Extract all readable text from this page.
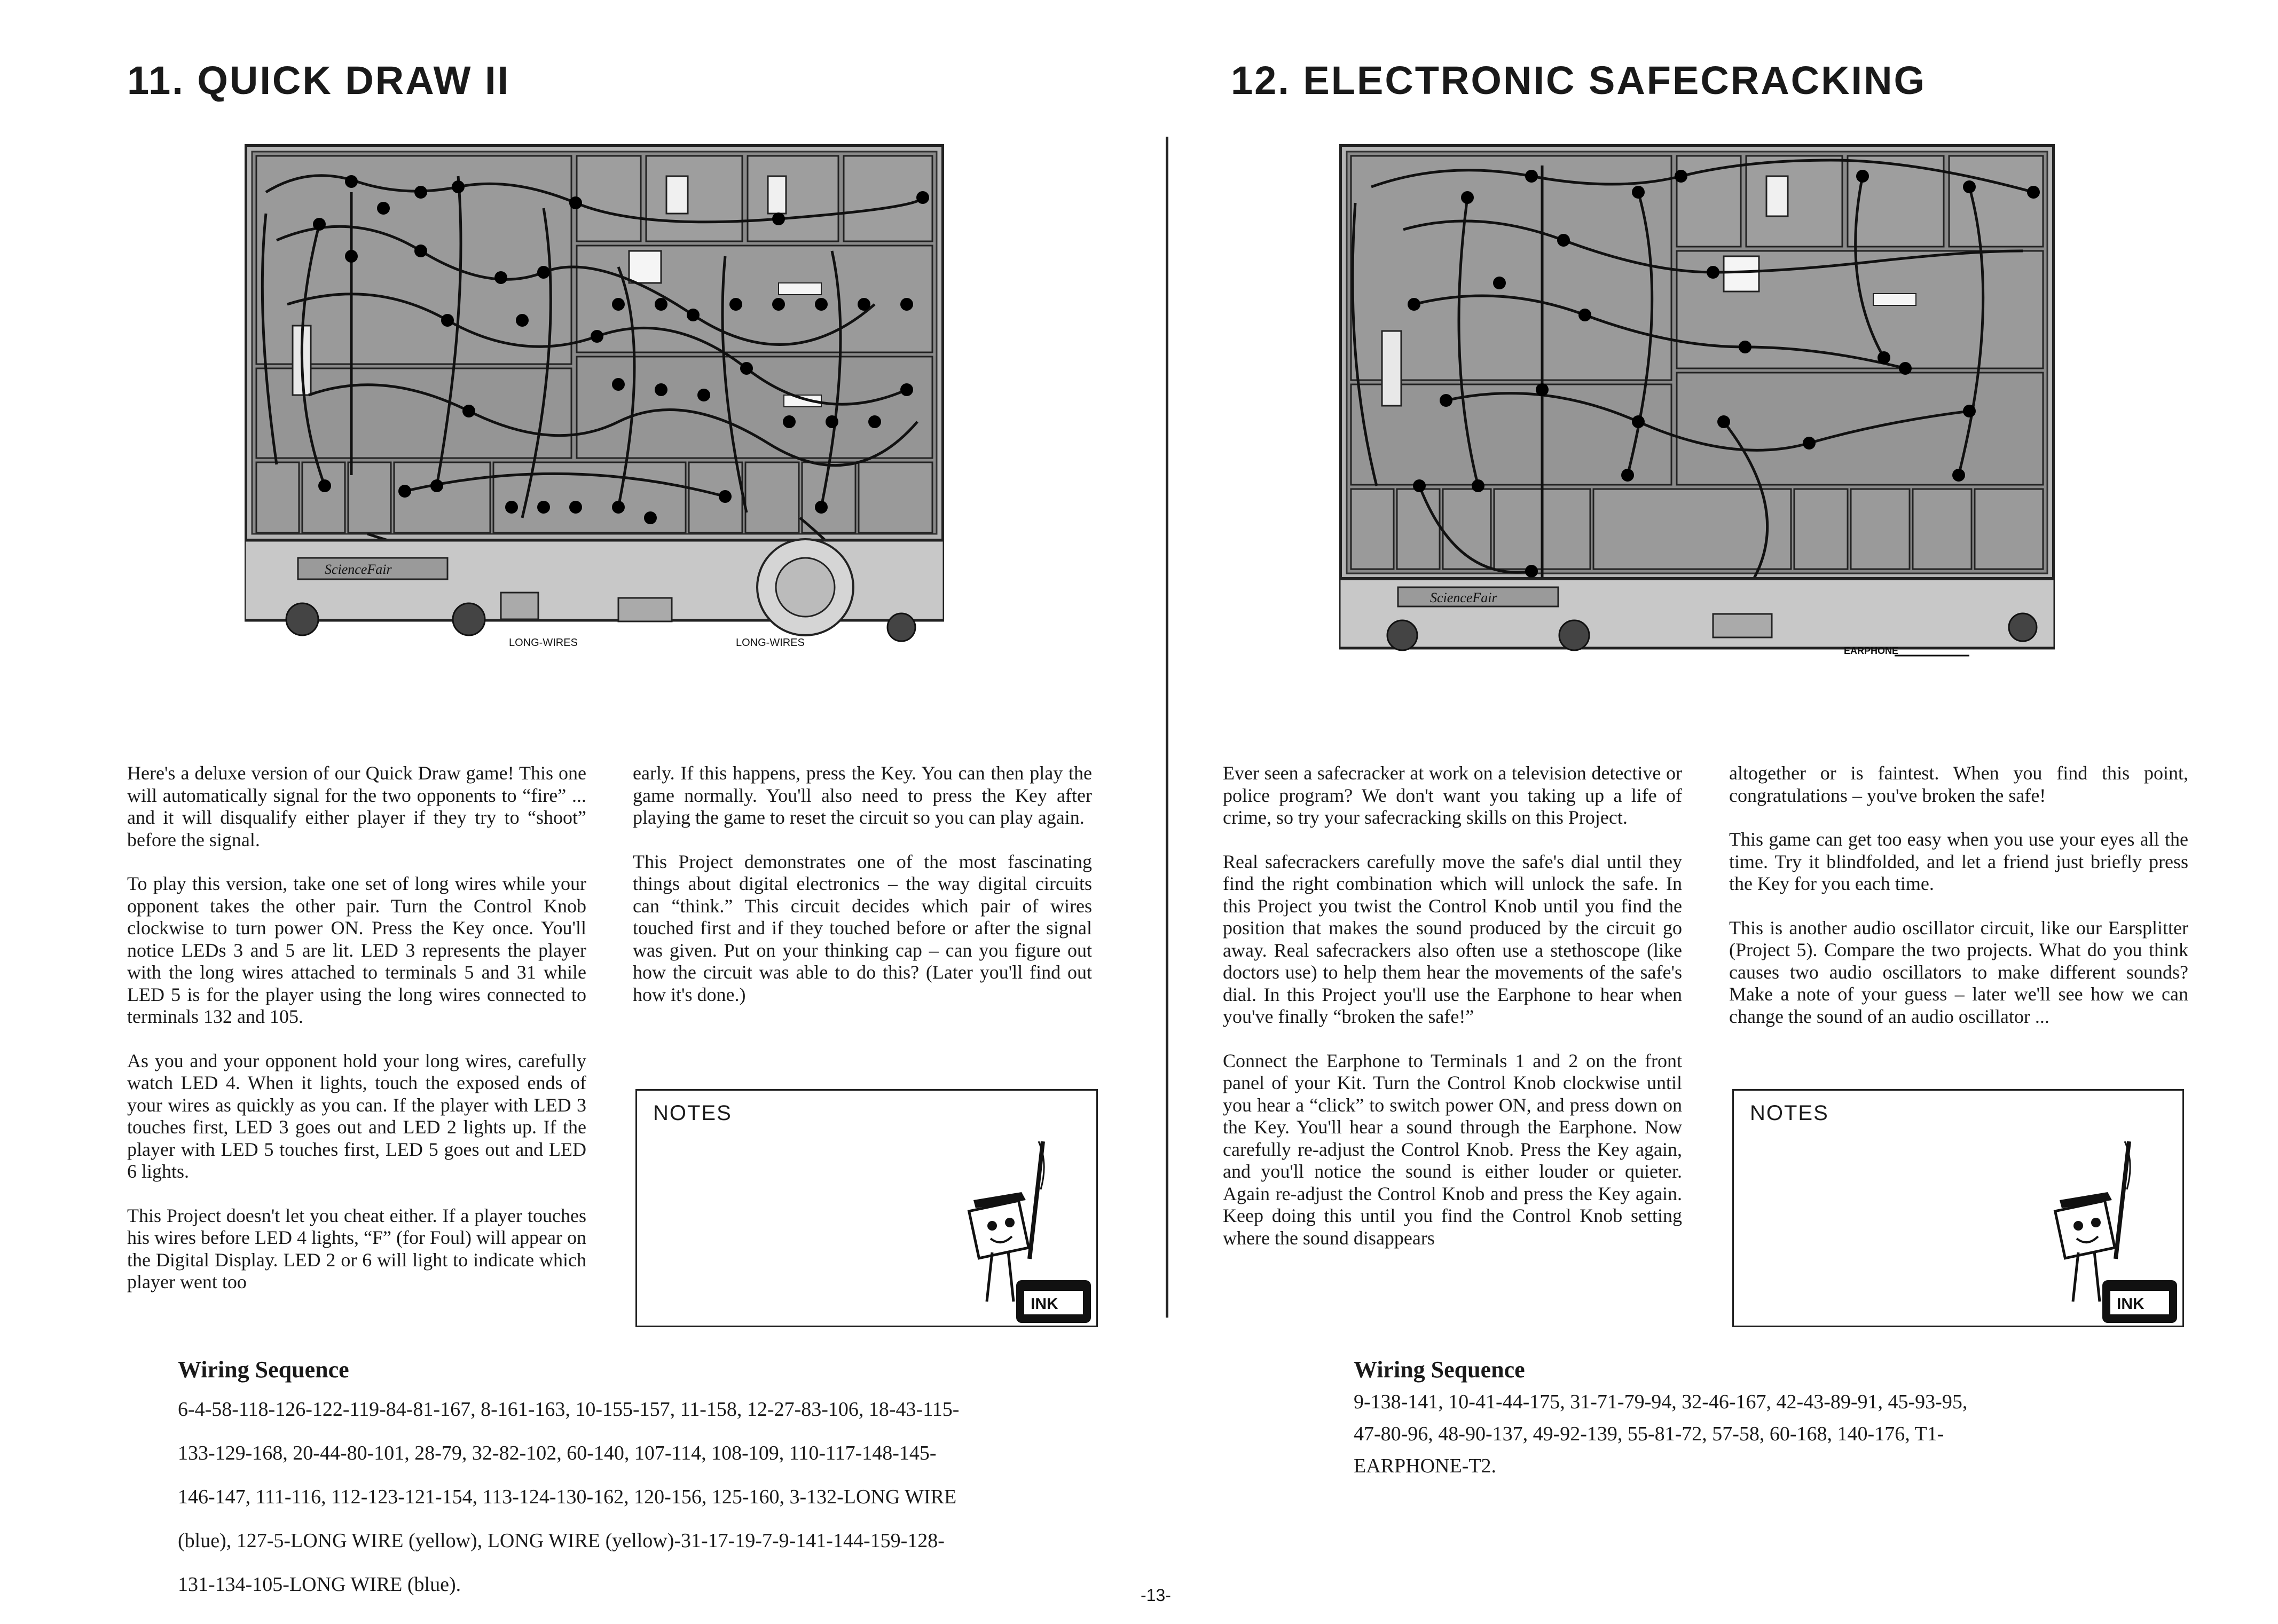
11. QUICK DRAW II
ScienceFair
LONG-WIRES	LONG-WIRES

Here's a deluxe version of our Quick Draw game! This one will automatically signal for the two opponents to “fire” ... and it will disqualify either player if they try to “shoot” before the signal.

To play this version, take one set of long wires while your opponent takes the other pair. Turn the Control Knob clockwise to turn power ON. Press the Key once. You'll notice LEDs 3 and 5 are lit. LED 3 represents the player with the long wires attached to terminals 5 and 31 while LED 5 is for the player using the long wires connected to terminals 132 and 105.

As you and your opponent hold your long wires, carefully watch LED 4. When it lights, touch the exposed ends of your wires as quickly as you can. If the player with LED 3 touches first, LED 3 goes out and LED 2 lights up. If the player with LED 5 touches first, LED 5 goes out and LED 6 lights.

This Project doesn't let you cheat either. If a player touches his wires before LED 4 lights, “F” (for Foul) will appear on the Digital Display. LED 2 or 6 will light to indicate which player went too

early. If this happens, press the Key. You can then play the game normally. You'll also need to press the Key after playing the game to reset the circuit so you can play again.

This Project demonstrates one of the most fascinating things about digital electronics – the way digital circuits can “think.” This circuit decides which pair of wires touched first and if they touched before or after the signal was given. Put on your thinking cap – can you figure out how the circuit was able to do this? (Later you'll find out how it's done.)

NOTES
INK
Wiring Sequence
6-4-58-118-126-122-119-84-81-167, 8-161-163, 10-155-157, 11-158, 12-27-83-106, 18-43-115-
133-129-168, 20-44-80-101, 28-79, 32-82-102, 60-140, 107-114, 108-109, 110-117-148-145-
146-147, 111-116, 112-123-121-154, 113-124-130-162, 120-156, 125-160, 3-132-LONG WIRE
(blue), 127-5-LONG WIRE (yellow), LONG WIRE (yellow)-31-17-19-7-9-141-144-159-128-
131-134-105-LONG WIRE (blue).
12. ELECTRONIC SAFECRACKING
ScienceFair
EARPHONE

Ever seen a safecracker at work on a television detective or police program? We don't want you taking up a life of crime, so try your safecracking skills on this Project.

Real safecrackers carefully move the safe's dial until they find the right combination which will unlock the safe. In this Project you twist the Control Knob until you find the position that makes the sound produced by the circuit go away. Real safecrackers also often use a stethoscope (like doctors use) to help them hear the movements of the safe's dial. In this Project you'll use the Earphone to hear when you've finally “broken the safe!”

Connect the Earphone to Terminals 1 and 2 on the front panel of your Kit. Turn the Control Knob clockwise until you hear a “click” to switch power ON, and press down on the Key. You'll hear a sound through the Earphone. Now carefully re-adjust the Control Knob. Press the Key again, and you'll notice the sound is either louder or quieter. Again re-adjust the Control Knob and press the Key again. Keep doing this until you find the Control Knob setting where the sound disappears

altogether or is faintest. When you find this point, congratulations – you've broken the safe!

This game can get too easy when you use your eyes all the time. Try it blindfolded, and let a friend just briefly press the Key for you each time.

This is another audio oscillator circuit, like our Earsplitter (Project 5). Compare the two projects. What do you think causes two audio oscillators to make different sounds? Make a note of your guess – later we'll see how we can change the sound of an audio oscillator ...

NOTES
INK
Wiring Sequence
9-138-141, 10-41-44-175, 31-71-79-94, 32-46-167, 42-43-89-91, 45-93-95,
47-80-96, 48-90-137, 49-92-139, 55-81-72, 57-58, 60-168, 140-176, T1-
EARPHONE-T2.
-13-
